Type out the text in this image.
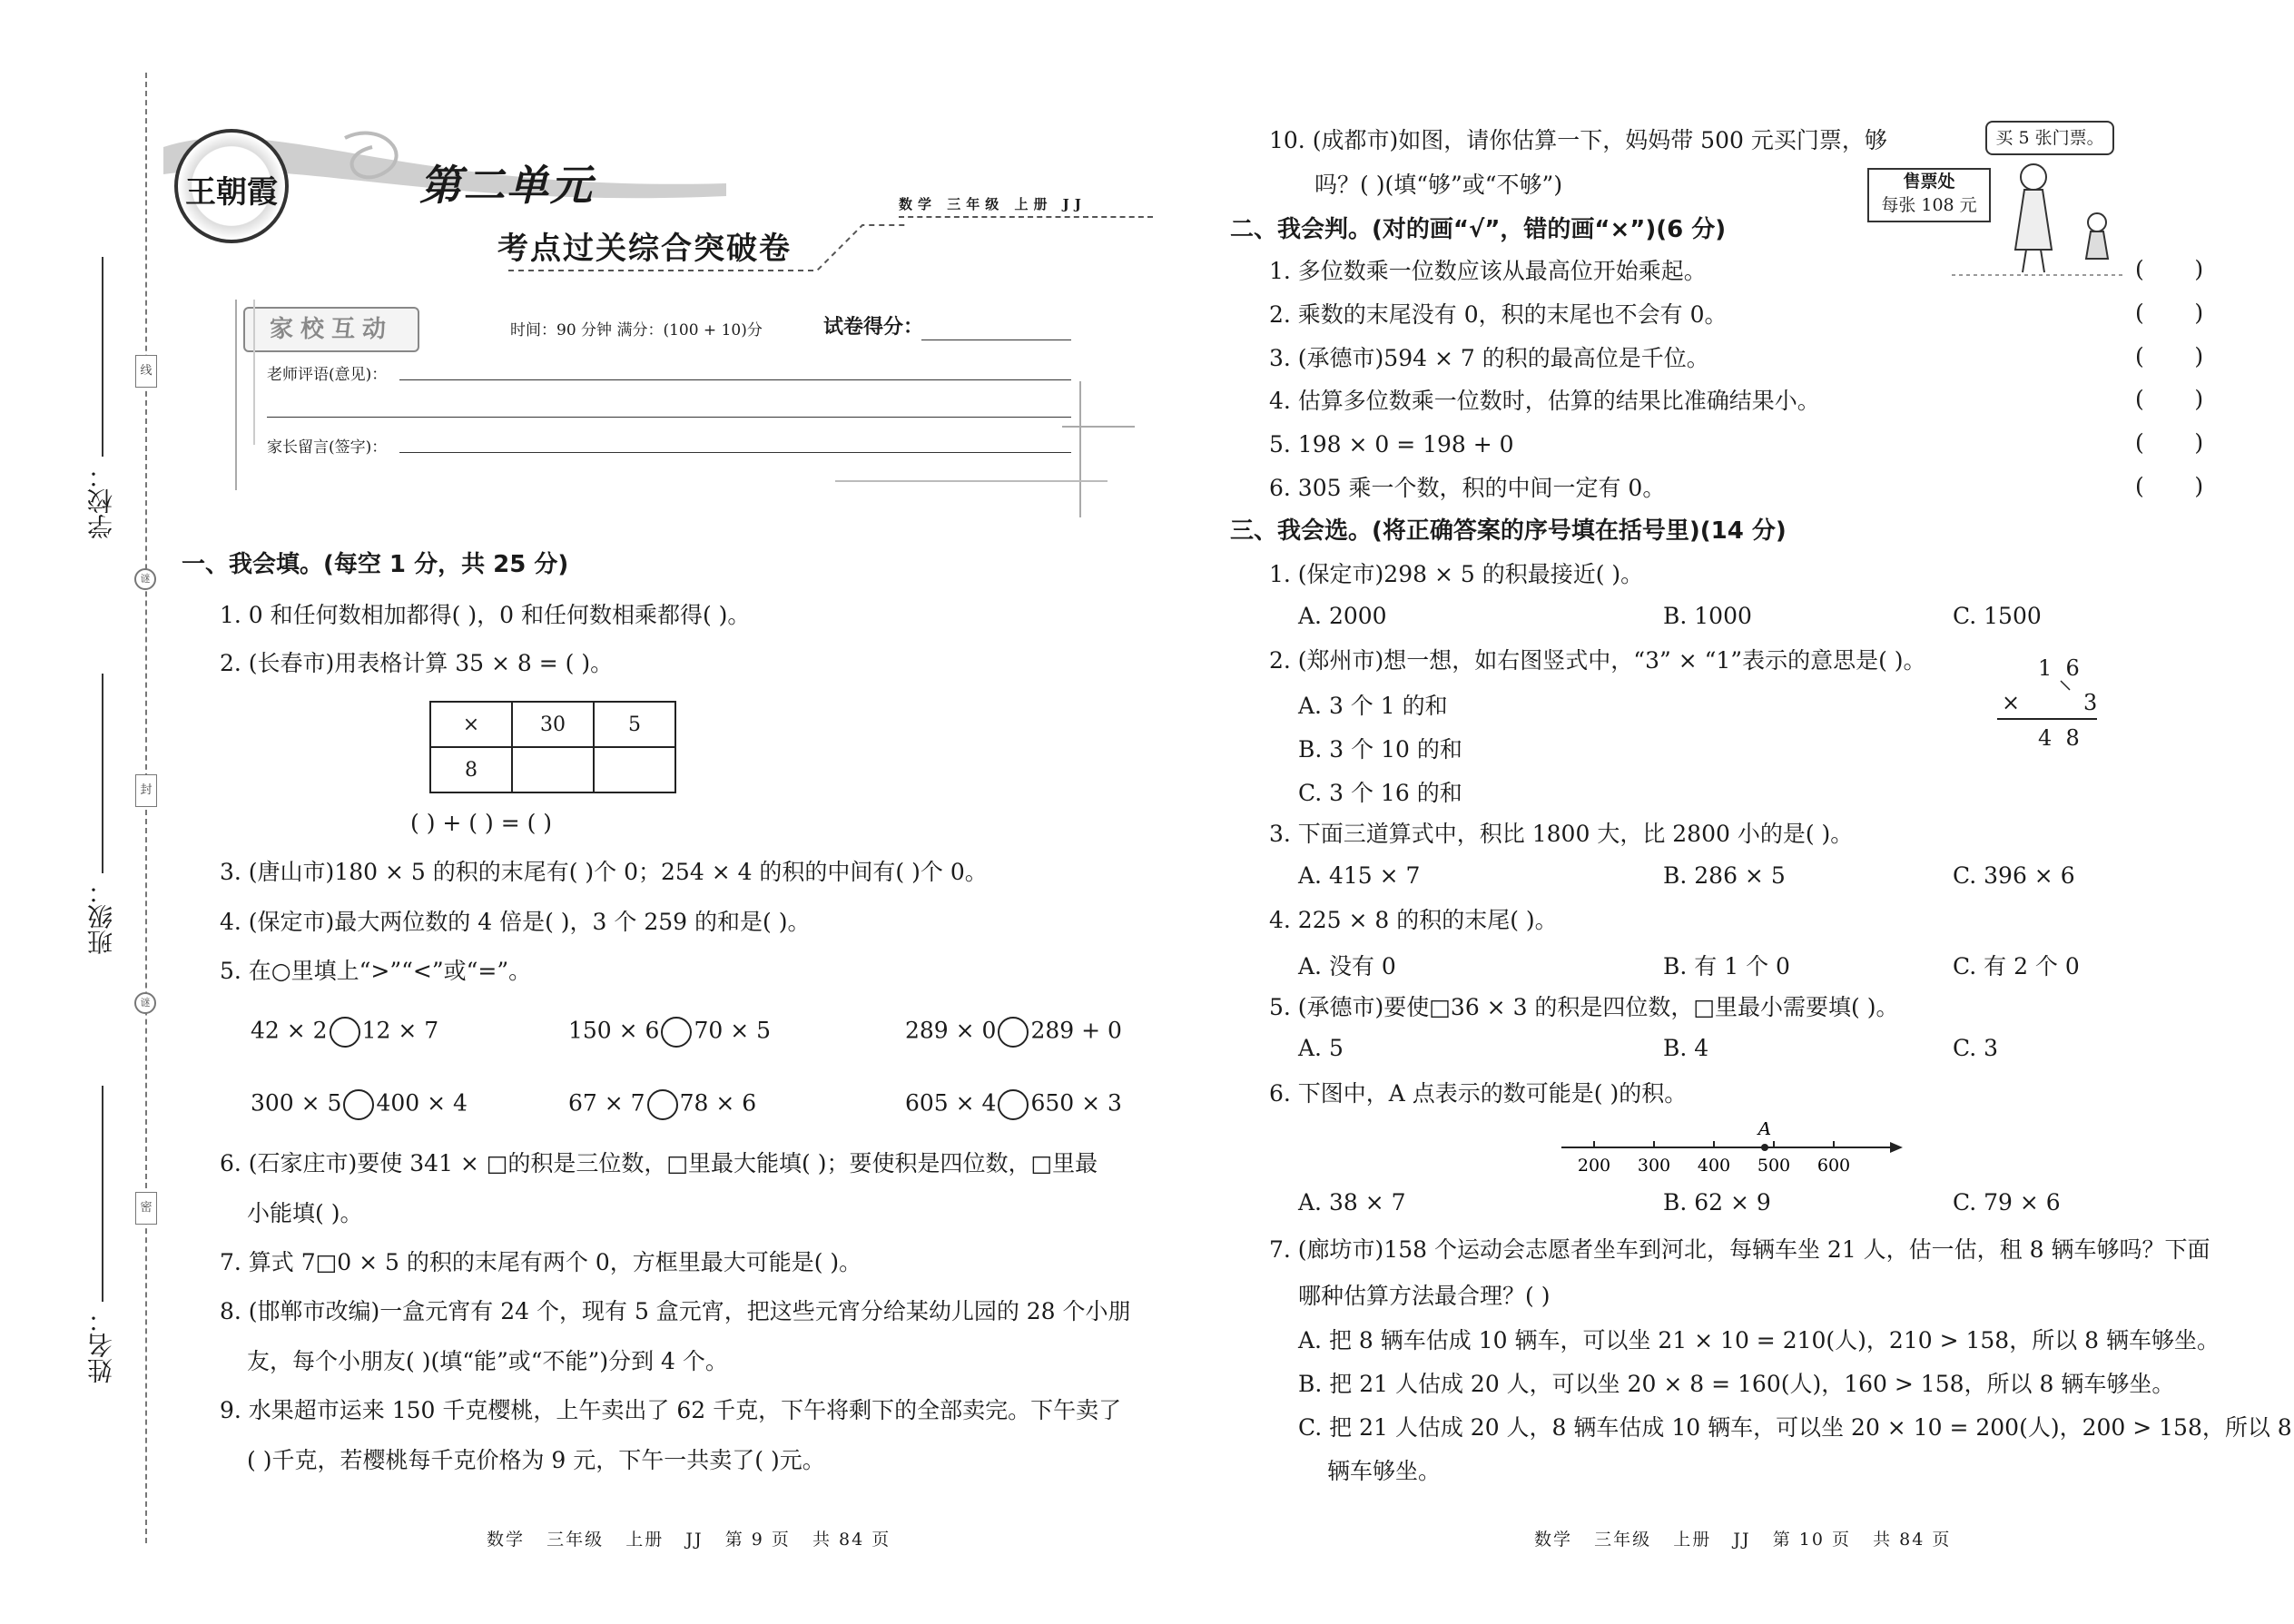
谜
谜
线
封
密
学校：
班级：
姓名：
王朝霞	第二单元
考点过关综合突破卷
数学 三年级 上册 JJ
家校互动	时间：90 分钟 满分：(100 + 10)分	试卷得分：
老师评语(意见)：
家长留言(签字)：
一、我会填。(每空 1 分，共 25 分)
1. 0 和任何数相加都得( )，0 和任何数相乘都得( )。
2. (长春市)用表格计算 35 × 8 = ( )。
×	30	5
8		
( ) + ( ) = ( )
3. (唐山市)180 × 5 的积的末尾有( )个 0；254 × 4 的积的中间有( )个 0。
4. (保定市)最大两位数的 4 倍是( )，3 个 259 的和是( )。
5. 在○里填上“>”“<”或“=”。
42 × 2 12 × 7	150 × 6 70 × 5	289 × 0 289 + 0
300 × 5 400 × 4	67 × 7 78 × 6	605 × 4 650 × 3
6. (石家庄市)要使 341 × □的积是三位数，□里最大能填( )；要使积是四位数，□里最
小能填( )。
7. 算式 7□0 × 5 的积的末尾有两个 0，方框里最大可能是( )。
8. (邯郸市改编)一盒元宵有 24 个，现有 5 盒元宵，把这些元宵分给某幼儿园的 28 个小朋
友，每个小朋友( )(填“能”或“不能”)分到 4 个。
9. 水果超市运来 150 千克樱桃，上午卖出了 62 千克，下午将剩下的全部卖完。下午卖了
( )千克，若樱桃每千克价格为 9 元，下午一共卖了( )元。
数学   三年级   上册   JJ   第 9 页   共 84 页
10. (成都市)如图，请你估算一下，妈妈带 500 元买门票，够
吗？( )(填“够”或“不够”)	售票处
每张 108 元
买 5 张门票。
二、我会判。(对的画“√”，错的画“×”)(6 分)
1. 多位数乘一位数应该从最高位开始乘起。	(       )
2. 乘数的末尾没有 0，积的末尾也不会有 0。	(       )
3. (承德市)594 × 7 的积的最高位是千位。	(       )
4. 估算多位数乘一位数时，估算的结果比准确结果小。	(       )
5. 198 × 0 = 198 + 0	(       )
6. 305 乘一个数，积的中间一定有 0。	(       )
三、我会选。(将正确答案的序号填在括号里)(14 分)
1. (保定市)298 × 5 的积最接近( )。
A. 2000	B. 1000	C. 1500
2. (郑州市)想一想，如右图竖式中，“3” × “1”表示的意思是( )。
A. 3 个 1 的和
B. 3 个 10 的和
C. 3 个 16 的和
1  6
×	3
4  8
3. 下面三道算式中，积比 1800 大，比 2800 小的是( )。
A. 415 × 7	B. 286 × 5	C. 396 × 6
4. 225 × 8 的积的末尾( )。
A. 没有 0	B. 有 1 个 0	C. 有 2 个 0
5. (承德市)要使□36 × 3 的积是四位数，□里最小需要填( )。
A. 5	B. 4	C. 3
6. 下图中，A 点表示的数可能是( )的积。
200 300 400 500 600
A
A. 38 × 7	B. 62 × 9	C. 79 × 6
7. (廊坊市)158 个运动会志愿者坐车到河北，每辆车坐 21 人，估一估，租 8 辆车够吗？下面
哪种估算方法最合理？( )
A. 把 8 辆车估成 10 辆车，可以坐 21 × 10 = 210(人)，210 > 158，所以 8 辆车够坐。
B. 把 21 人估成 20 人，可以坐 20 × 8 = 160(人)，160 > 158，所以 8 辆车够坐。
C. 把 21 人估成 20 人，8 辆车估成 10 辆车，可以坐 20 × 10 = 200(人)，200 > 158，所以 8
辆车够坐。
数学   三年级   上册   JJ   第 10 页   共 84 页
